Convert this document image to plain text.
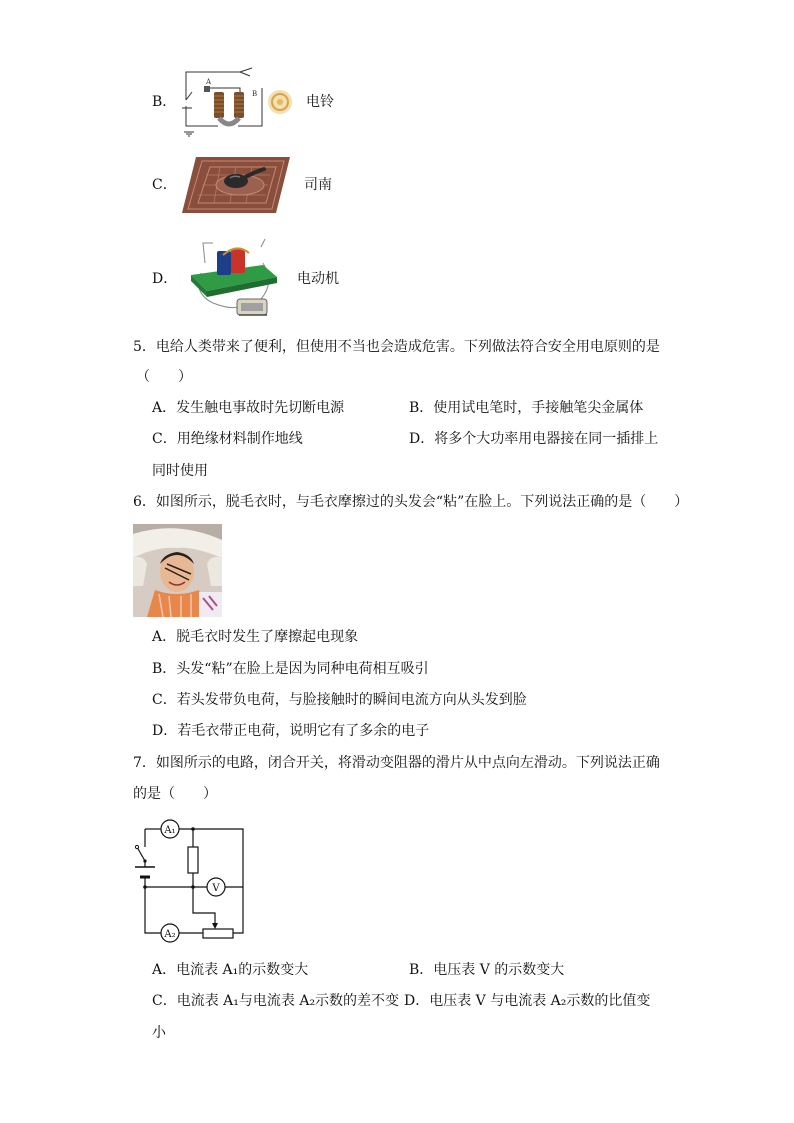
B．
A
B	电铃
C．	司南
D．	电动机
5．电给人类带来了便利，但使用不当也会造成危害。下列做法符合安全用电原则的是
（　　）
A．发生触电事故时先切断电源	B．使用试电笔时，手接触笔尖金属体
C．用绝缘材料制作地线	D．将多个大功率用电器接在同一插排上
同时使用
6．如图所示，脱毛衣时，与毛衣摩擦过的头发会“粘”在脸上。下列说法正确的是（　　）
A．脱毛衣时发生了摩擦起电现象
B．头发“粘”在脸上是因为同种电荷相互吸引
C．若头发带负电荷，与脸接触时的瞬间电流方向从头发到脸
D．若毛衣带正电荷，说明它有了多余的电子
7．如图所示的电路，闭合开关，将滑动变阻器的滑片从中点向左滑动。下列说法正确
的是（　　）
A₁
V
A₂
A．电流表 A₁的示数变大	B．电压表 V 的示数变大
C．电流表 A₁与电流表 A₂示数的差不变 D．电压表 V 与电流表 A₂示数的比值变
小
